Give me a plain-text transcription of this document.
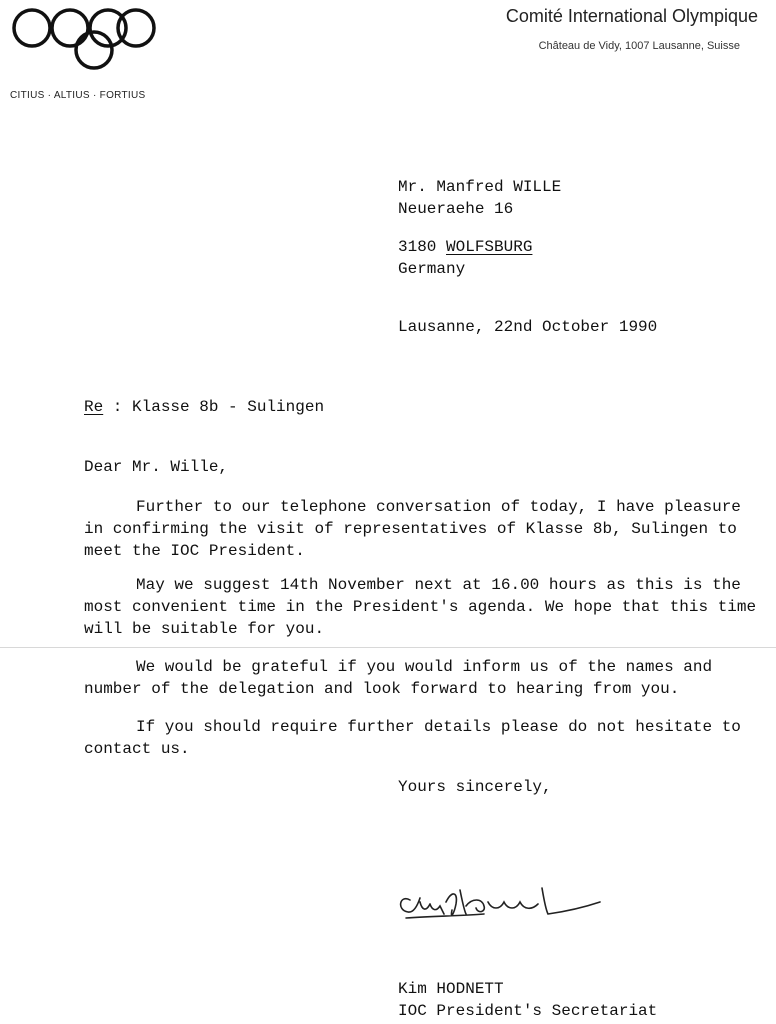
CITIUS · ALTIUS · FORTIUS
Comité International Olympique
Château de Vidy, 1007 Lausanne, Suisse
Mr. Manfred WILLE
Neueraehe 16
3180 WOLFSBURG
Germany
Lausanne, 22nd October 1990
Re : Klasse 8b - Sulingen
Dear Mr. Wille,

Further to our telephone conversation of today, I have pleasure in confirming the visit of representatives of Klasse 8b, Sulingen to meet the IOC President.

May we suggest 14th November next at 16.00 hours as this is the most convenient time in the President's agenda. We hope that this time will be suitable for you.

We would be grateful if you would inform us of the names and number of the delegation and look forward to hearing from you.

If you should require further details please do not hesitate to contact us.

Yours sincerely,
Kim HODNETT
IOC President's Secretariat
